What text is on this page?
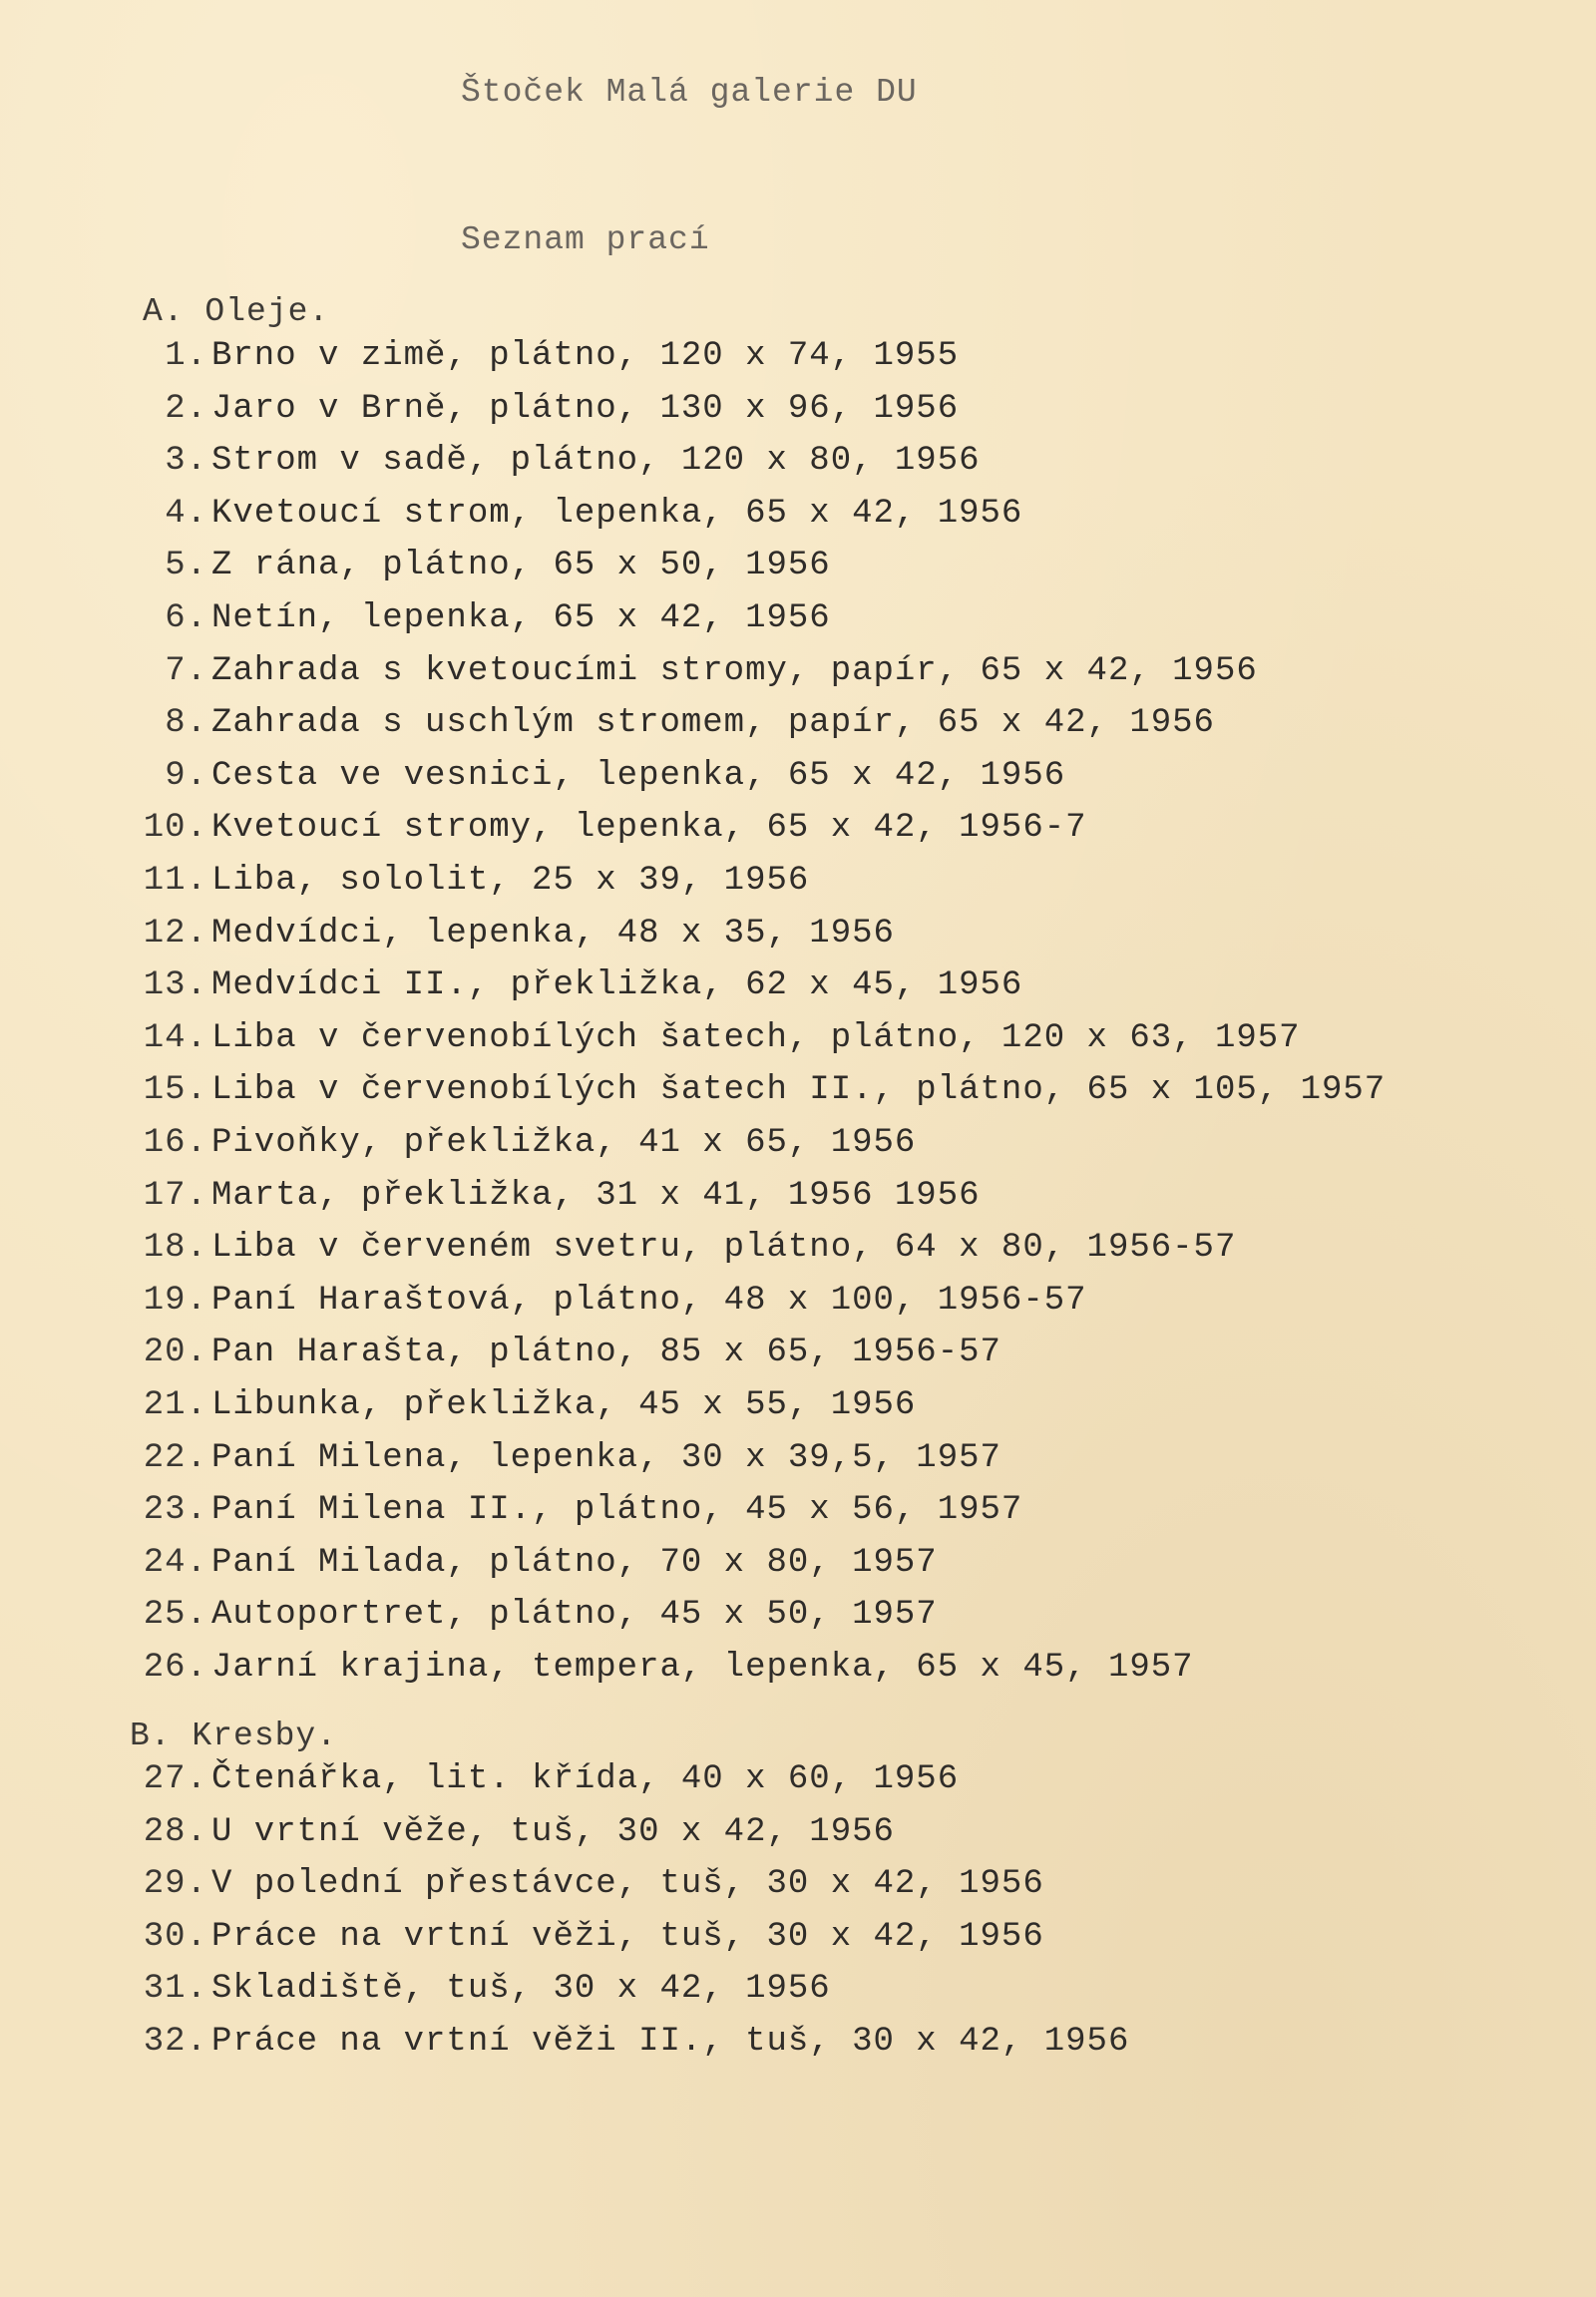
Štoček Malá galerie DU
Seznam prací
A. Oleje.
1. Brno v zimě, plátno, 120 x 74, 1955
2. Jaro v Brně, plátno, 130 x 96, 1956
3. Strom v sadě, plátno, 120 x 80, 1956
4. Kvetoucí strom, lepenka, 65 x 42, 1956
5. Z rána, plátno, 65 x 50, 1956
6. Netín, lepenka, 65 x 42, 1956
7. Zahrada s kvetoucími stromy, papír, 65 x 42, 1956
8. Zahrada s uschlým stromem, papír, 65 x 42, 1956
9. Cesta ve vesnici, lepenka, 65 x 42, 1956
10. Kvetoucí stromy, lepenka, 65 x 42, 1956-7
11. Liba, sololit, 25 x 39, 1956
12. Medvídci, lepenka, 48 x 35, 1956
13. Medvídci II., překližka, 62 x 45, 1956
14. Liba v červenobílých šatech, plátno, 120 x 63, 1957
15. Liba v červenobílých šatech II., plátno, 65 x 105, 1957
16. Pivoňky, překližka, 41 x 65, 1956
17. Marta, překližka, 31 x 41, 1956 1956
18. Liba v červeném svetru, plátno, 64 x 80, 1956-57
19. Paní Haraštová, plátno, 48 x 100, 1956-57
20. Pan Harašta, plátno, 85 x 65, 1956-57
21. Libunka, překližka, 45 x 55, 1956
22. Paní Milena, lepenka, 30 x 39,5, 1957
23. Paní Milena II., plátno, 45 x 56, 1957
24. Paní Milada, plátno, 70 x 80, 1957
25. Autoportret, plátno, 45 x 50, 1957
26. Jarní krajina, tempera, lepenka, 65 x 45, 1957
B. Kresby.
27. Čtenářka, lit. křída, 40 x 60, 1956
28. U vrtní věže, tuš, 30 x 42, 1956
29. V polední přestávce, tuš, 30 x 42, 1956
30. Práce na vrtní věži, tuš, 30 x 42, 1956
31. Skladiště, tuš, 30 x 42, 1956
32. Práce na vrtní věži II., tuš, 30 x 42, 1956
